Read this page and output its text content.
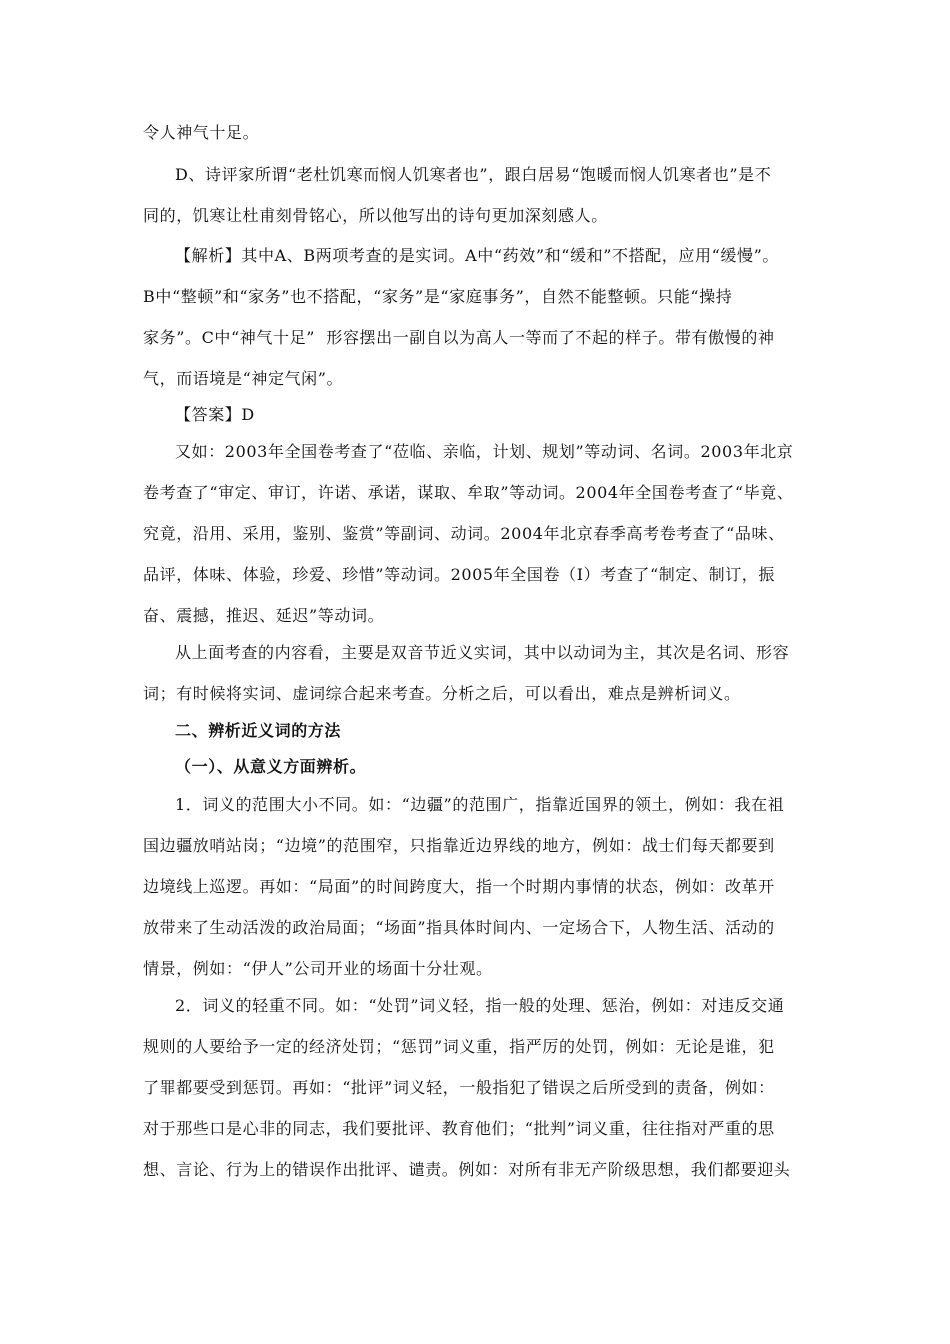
令人神气十足。
D、诗评家所谓“老杜饥寒而悯人饥寒者也”，跟白居易“饱暖而悯人饥寒者也”是不
同的，饥寒让杜甫刻骨铭心，所以他写出的诗句更加深刻感人。
【解析】其中A、B两项考查的是实词。A中“药效”和“缓和”不搭配，应用“缓慢”。
B中“整顿”和“家务”也不搭配，“家务”是“家庭事务”，自然不能整顿。只能“操持
家务”。C中“神气十足”  形容摆出一副自以为高人一等而了不起的样子。带有傲慢的神
气，而语境是“神定气闲”。
【答案】D
又如：2003年全国卷考查了“莅临、亲临，计划、规划”等动词、名词。2003年北京
卷考查了“审定、审订，许诺、承诺，谋取、牟取”等动词。2004年全国卷考查了“毕竟、
究竟，沿用、采用，鉴别、鉴赏”等副词、动词。2004年北京春季高考卷考查了“品味、
品评，体味、体验，珍爱、珍惜”等动词。2005年全国卷（Ⅰ）考查了“制定、制订，振
奋、震撼，推迟、延迟”等动词。
从上面考查的内容看，主要是双音节近义实词，其中以动词为主，其次是名词、形容
词；有时候将实词、虚词综合起来考查。分析之后，可以看出，难点是辨析词义。
二、辨析近义词的方法
（一）、从意义方面辨析。
1．词义的范围大小不同。如：“边疆”的范围广，指靠近国界的领土，例如：我在祖
国边疆放哨站岗；“边境”的范围窄，只指靠近边界线的地方，例如：战士们每天都要到
边境线上巡逻。再如：“局面”的时间跨度大，指一个时期内事情的状态，例如：改革开
放带来了生动活泼的政治局面；“场面”指具体时间内、一定场合下，人物生活、活动的
情景，例如：“伊人”公司开业的场面十分壮观。
2．词义的轻重不同。如：“处罚”词义轻，指一般的处理、惩治，例如：对违反交通
规则的人要给予一定的经济处罚；“惩罚”词义重，指严厉的处罚，例如：无论是谁，犯
了罪都要受到惩罚。再如：“批评”词义轻，一般指犯了错误之后所受到的责备，例如：
对于那些口是心非的同志，我们要批评、教育他们；“批判”词义重，往往指对严重的思
想、言论、行为上的错误作出批评、谴责。例如：对所有非无产阶级思想，我们都要迎头
